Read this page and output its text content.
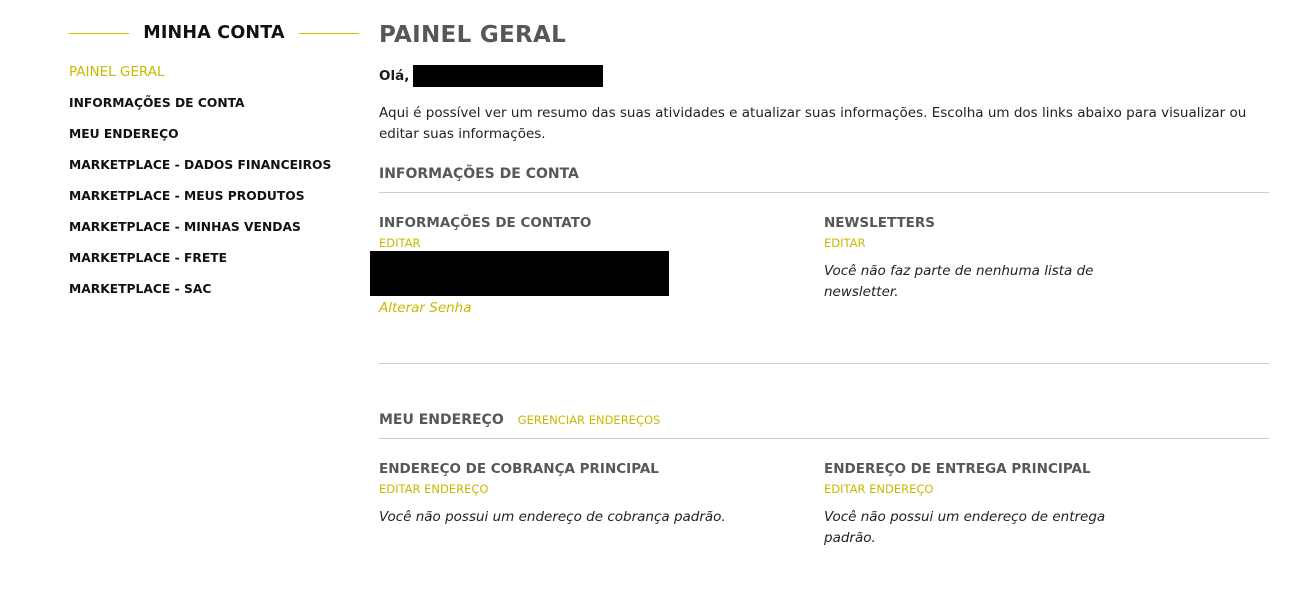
MINHA CONTA
PAINEL GERAL
INFORMAÇÕES DE CONTA
MEU ENDEREÇO
MARKETPLACE - DADOS FINANCEIROS
MARKETPLACE - MEUS PRODUTOS
MARKETPLACE - MINHAS VENDAS
MARKETPLACE - FRETE
MARKETPLACE - SAC
PAINEL GERAL
Olá,

Aqui é possível ver um resumo das suas atividades e atualizar suas informações. Escolha um dos links abaixo para visualizar ou editar suas informações.

INFORMAÇÕES DE CONTA
INFORMAÇÕES DE CONTATO
EDITAR
Alterar Senha
NEWSLETTERS
EDITAR

Você não faz parte de nenhuma lista de newsletter.

MEU ENDEREÇO GERENCIAR ENDEREÇOS
ENDEREÇO DE COBRANÇA PRINCIPAL
EDITAR ENDEREÇO

Você não possui um endereço de cobrança padrão.

ENDEREÇO DE ENTREGA PRINCIPAL
EDITAR ENDEREÇO

Você não possui um endereço de entrega padrão.
